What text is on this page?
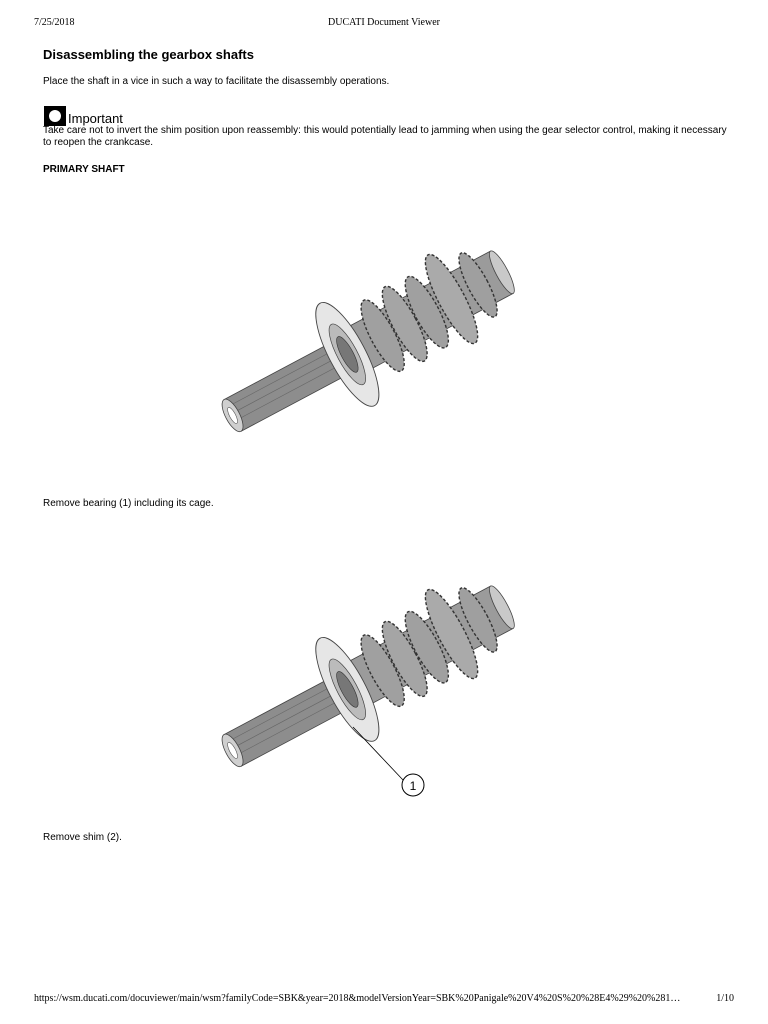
7/25/2018	DUCATI Document Viewer
Disassembling the gearbox shafts
Place the shaft in a vice in such a way to facilitate the disassembly operations.
Important
Take care not to invert the shim position upon reassembly: this would potentially lead to jamming when using the gear selector control, making it necessary to reopen the crankcase.
PRIMARY SHAFT
Remove bearing (1) including its cage.
1
Remove shim (2).
https://wsm.ducati.com/docuviewer/main/wsm?familyCode=SBK&year=2018&modelVersionYear=SBK%20Panigale%20V4%20S%20%28E4%29%20%281…	1/10
